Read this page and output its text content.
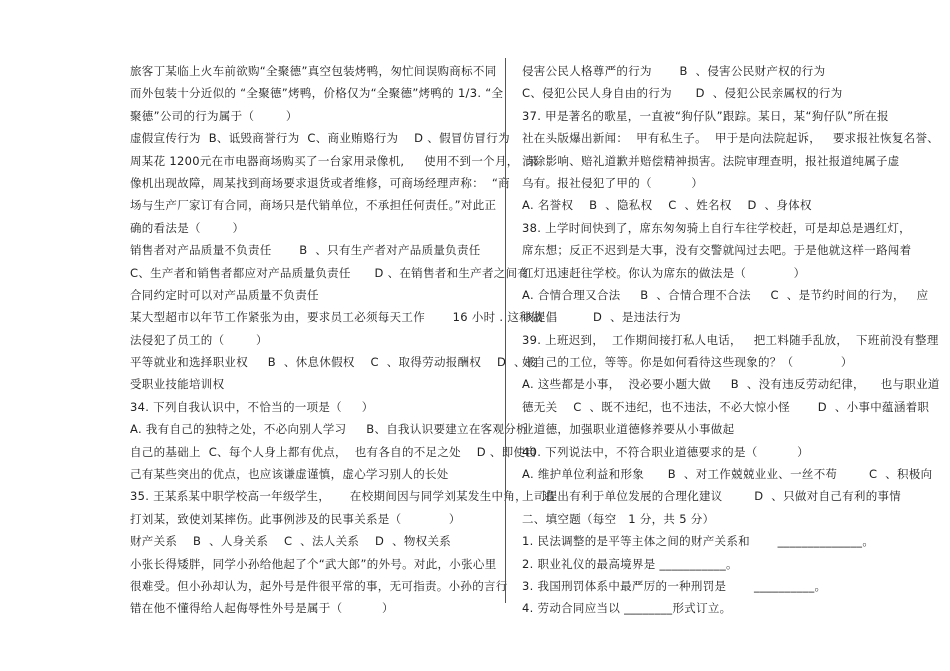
旅客丁某临上火车前欲购“全聚德”真空包装烤鸭，匆忙间误购商标不同
而外包装十分近似的 “全聚德”烤鸭，价格仅为“全聚德”烤鸭的 1/3. “全
聚德”公司的行为属于（        ）
虚假宣传行为  B、诋毁商誉行为  C、商业贿赂行为    D 、假冒仿冒行为
周某花 1200元在市电器商场购买了一台家用录像机,     使用不到一个月，  录
像机出现故障，周某找到商场要求退货或者维修，可商场经理声称：  “商
场与生产厂家订有合同，商场只是代销单位，不承担任何责任。”对此正
确的看法是（        ）
销售者对产品质量不负责任       B  、只有生产者对产品质量负责任
C、生产者和销售者都应对产品质量负责任      D 、在销售者和生产者之间有
合同约定时可以对产品质量不负责任
某大型超市以年节工作紧张为由，要求员工必须每天工作       16 小时 . 这种做
法侵犯了员工的（        ）
平等就业和选择职业权     B  、休息休假权    C  、取得劳动报酬权    D  、接
受职业技能培训权
34. 下列自我认识中，不恰当的一项是（     ）
A. 我有自己的独特之处，不必向别人学习     B、自我认识要建立在客观分析
自己的基础上  C、每个人身上都有优点，  也有各自的不足之处    D 、即使自
己有某些突出的优点，也应该谦虚谨慎，虚心学习别人的长处
35. 王某系某中职学校高一年级学生，     在校期间因与同学刘某发生中角，    追
打刘某，致使刘某摔伤。此事例涉及的民事关系是（            ）
财产关系    B  、人身关系    C  、法人关系    D  、物权关系
小张长得矮胖，同学小孙给他起了个“武大郎”的外号。对此，小张心里
很难受。但小孙却认为，起外号是件很平常的事，无可指责。小孙的言行
错在他不懂得给人起侮辱性外号是属于（          ）
侵害公民人格尊严的行为       B  、侵害公民财产权的行为
C、侵犯公民人身自由的行为      D  、侵犯公民亲属权的行为
37. 甲是著名的歌星，一直被“狗仔队”跟踪。某日，某“狗仔队”所在报
社在头版爆出新闻：  甲有私生子。  甲于是向法院起诉，   要求报社恢复名誉、
消除影响、赔礼道歉并赔偿精神损害。法院审理查明，报社报道纯属子虚
乌有。报社侵犯了甲的（          ）
A. 名誉权    B  、隐私权    C  、姓名权    D  、身体权
38. 上学时间快到了，席东匆匆骑上自行车往学校赶，可是却总是遇红灯，
席东想；反正不迟到是大事，没有交警就闯过去吧。于是他就这样一路闯着
红灯迅速赶往学校。你认为席东的做法是（            ）
A. 合情合理又合法     B  、合情合理不合法     C  、是节约时间的行为，   应
该提倡         D  、是违法行为
39. 上班迟到，  工作期间接打私人电话，   把工料随手乱放，  下班前没有整理
好自己的工位，等等。你是如何看待这些现象的？（            ）
A. 这些都是小事，  没必要小题大做     B  、没有违反劳动纪律，    也与职业道
德无关    C  、既不违纪，也不违法，不必大惊小怪       D  、小事中蕴涵着职
业道德，加强职业道德修养要从小事做起
40. 下列说法中，不符合职业道德要求的是（          ）
A. 维护单位利益和形象      B  、对工作兢兢业业、一丝不苟        C  、积极向
上司提出有利于单位发展的合理化建议        D  、只做对自己有利的事情
二、填空题（每空   1 分，共 5 分）
1. 民法调整的是平等主体之间的财产关系和       ______________。
2. 职业礼仪的最高境界是 ___________。
3. 我国刑罚体系中最严厉的一种刑罚是       __________。
4. 劳动合同应当以 ________形式订立。
